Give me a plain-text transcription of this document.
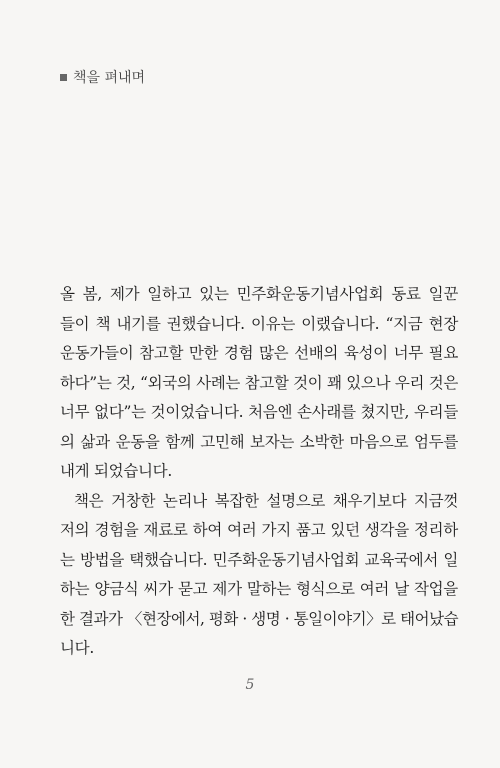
책을 펴내며
올 봄, 제가 일하고 있는 민주화운동기념사업회 동료 일꾼
들이 책 내기를 권했습니다. 이유는 이랬습니다. “지금 현장
운동가들이 참고할 만한 경험 많은 선배의 육성이 너무 필요
하다”는 것, “외국의 사례는 참고할 것이 꽤 있으나 우리 것은
너무 없다”는 것이었습니다. 처음엔 손사래를 쳤지만, 우리들
의 삶과 운동을 함께 고민해 보자는 소박한 마음으로 엄두를
내게 되었습니다.
책은 거창한 논리나 복잡한 설명으로 채우기보다 지금껏
저의 경험을 재료로 하여 여러 가지 품고 있던 생각을 정리하
는 방법을 택했습니다. 민주화운동기념사업회 교육국에서 일
하는 양금식 씨가 묻고 제가 말하는 형식으로 여러 날 작업을
한 결과가 〈현장에서, 평화 · 생명 · 통일이야기〉로 태어났습
니다.
5
